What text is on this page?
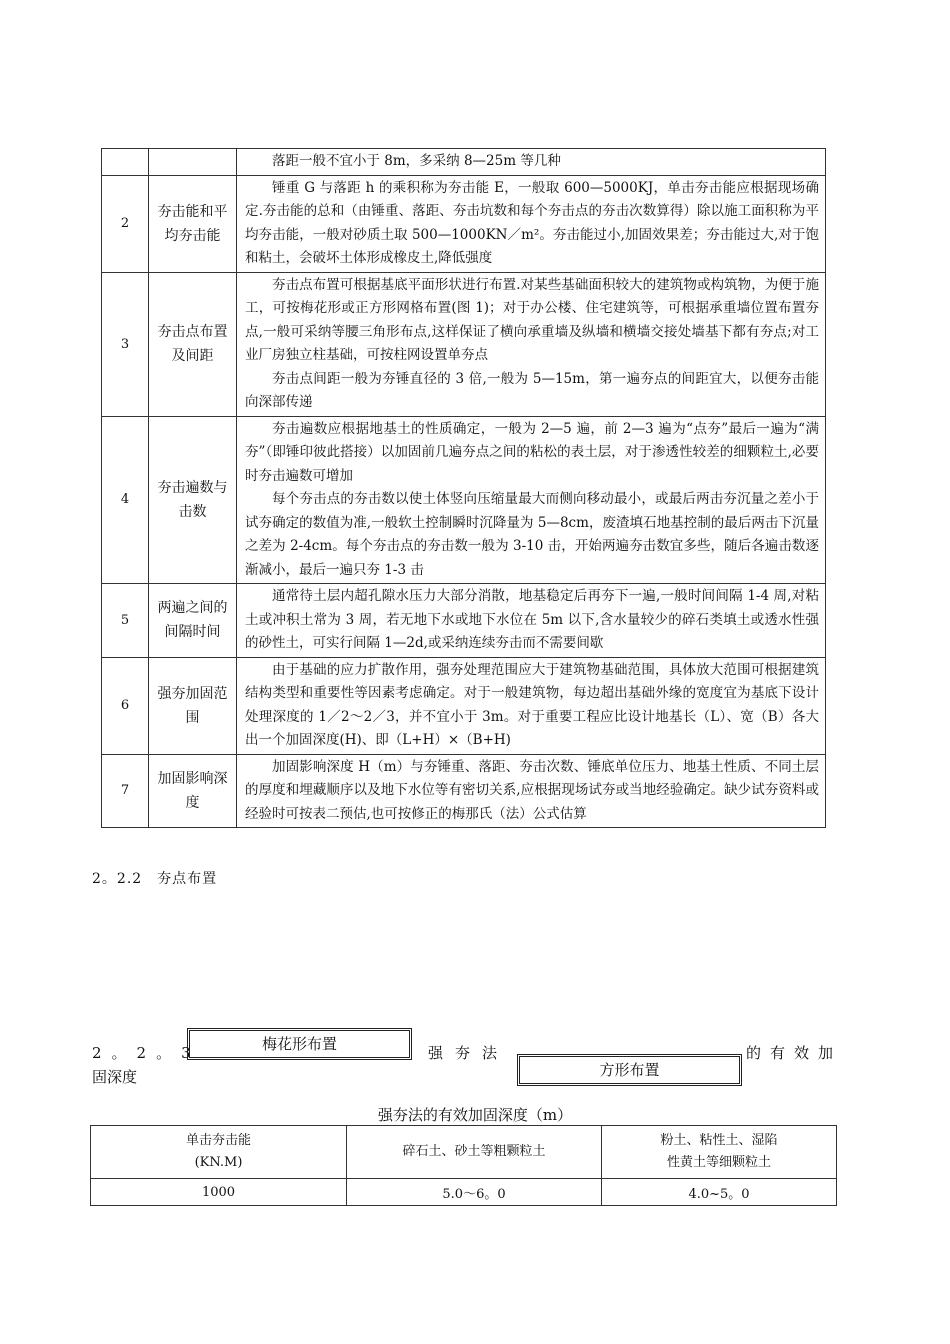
		落距一般不宜小于 8m，多采纳 8—25m 等几种

2	夯击能和平均夯击能	锤重 G 与落距 h 的乘积称为夯击能 E，一般取 600—5000KJ，单击夯击能应根据现场确定.夯击能的总和（由锤重、落距、夯击坑数和每个夯击点的夯击次数算得）除以施工面积称为平均夯击能，一般对砂质土取 500—1000KN／m²。夯击能过小,加固效果差；夯击能过大,对于饱和粘土，会破坏土体形成橡皮土,降低强度

3	夯击点布置及间距	夯击点布置可根据基底平面形状进行布置.对某些基础面积较大的建筑物或构筑物，为便于施工，可按梅花形或正方形网格布置(图 1)；对于办公楼、住宅建筑等，可根据承重墙位置布置夯点,一般可采纳等腰三角形布点,这样保证了横向承重墙及纵墙和横墙交接处墙基下都有夯点;对工业厂房独立柱基础，可按柱网设置单夯点
夯击点间距一般为夯锤直径的 3 倍,一般为 5—15m，第一遍夯点的间距宜大，以便夯击能向深部传递

4	夯击遍数与击数	夯击遍数应根据地基土的性质确定，一般为 2—5 遍，前 2—3 遍为“点夯”最后一遍为“满夯”（即锤印彼此搭接）以加固前几遍夯点之间的粘松的表土层，对于渗透性较差的细颗粒土,必要时夯击遍数可增加
每个夯击点的夯击数以使土体竖向压缩量最大而侧向移动最小，或最后两击夯沉量之差小于试夯确定的数值为准,一般软土控制瞬时沉降量为 5—8cm，废渣填石地基控制的最后两击下沉量之差为 2-4cm。每个夯击点的夯击数一般为 3-10 击，开始两遍夯击数宜多些，随后各遍击数逐渐减小，最后一遍只夯 1-3 击

5	两遍之间的间隔时间	通常待土层内超孔隙水压力大部分消散，地基稳定后再夯下一遍,一般时间间隔 1-4 周,对粘土或冲积土常为 3 周，若无地下水或地下水位在 5m 以下,含水量较少的碎石类填土或透水性强的砂性土，可实行间隔 1—2d,或采纳连续夯击而不需要间歇

6	强夯加固范围	由于基础的应力扩散作用，强夯处理范围应大于建筑物基础范围，具体放大范围可根据建筑结构类型和重要性等因素考虑确定。对于一般建筑物，每边超出基础外缘的宽度宜为基底下设计处理深度的 1／2～2／3，并不宜小于 3m。对于重要工程应比设计地基长（L）、宽（B）各大出一个加固深度(H)、即（L+H）×（B+H)

7	加固影响深度	加固影响深度 H（m）与夯锤重、落距、夯击次数、锤底单位压力、地基土性质、不同土层的厚度和埋藏顺序以及地下水位等有密切关系,应根据现场试夯或当地经验确定。缺少试夯资料或经验时可按表二预估,也可按修正的梅那氏（法）公式估算
2。2.2　夯点布置
2。2。3	梅花形布置	强夯法
方形布置
的有效加
固深度
强夯法的有效加固深度（m）
单击夯击能
(KN.M)	碎石土、砂土等粗颗粒土	粉土、粘性土、湿陷
性黄土等细颗粒土
1000	5.0～6。0	4.0~5。0
